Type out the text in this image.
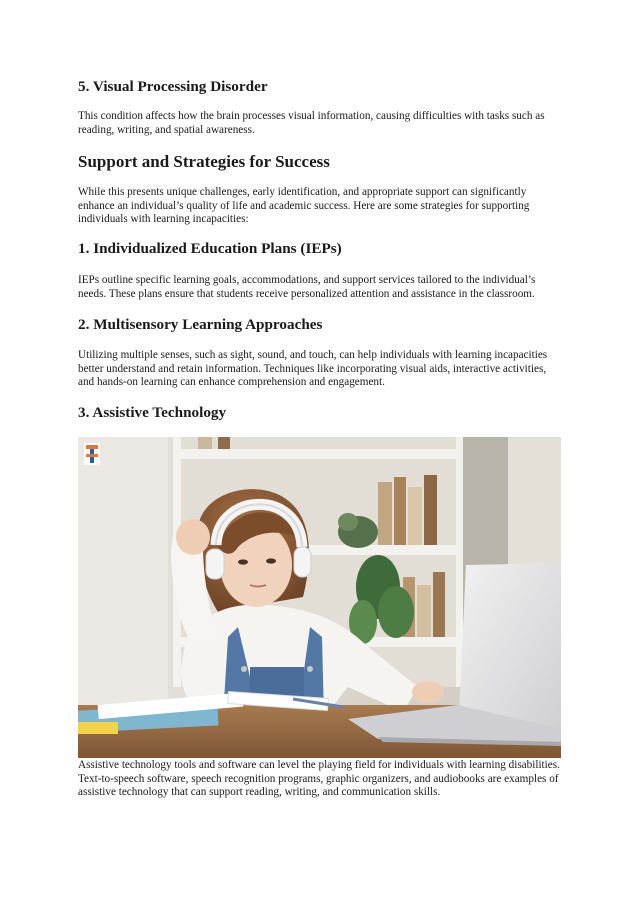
5. Visual Processing Disorder

This condition affects how the brain processes visual information, causing difficulties with tasks such as reading, writing, and spatial awareness.

Support and Strategies for Success

While this presents unique challenges, early identification, and appropriate support can significantly enhance an individual’s quality of life and academic success. Here are some strategies for supporting individuals with learning incapacities:

1. Individualized Education Plans (IEPs)

IEPs outline specific learning goals, accommodations, and support services tailored to the individual’s needs. These plans ensure that students receive personalized attention and assistance in the classroom.

2. Multisensory Learning Approaches

Utilizing multiple senses, such as sight, sound, and touch, can help individuals with learning incapacities better understand and retain information. Techniques like incorporating visual aids, interactive activities, and hands-on learning can enhance comprehension and engagement.

3. Assistive Technology

Assistive technology tools and software can level the playing field for individuals with learning disabilities. Text-to-speech software, speech recognition programs, graphic organizers, and audiobooks are examples of assistive technology that can support reading, writing, and communication skills.
